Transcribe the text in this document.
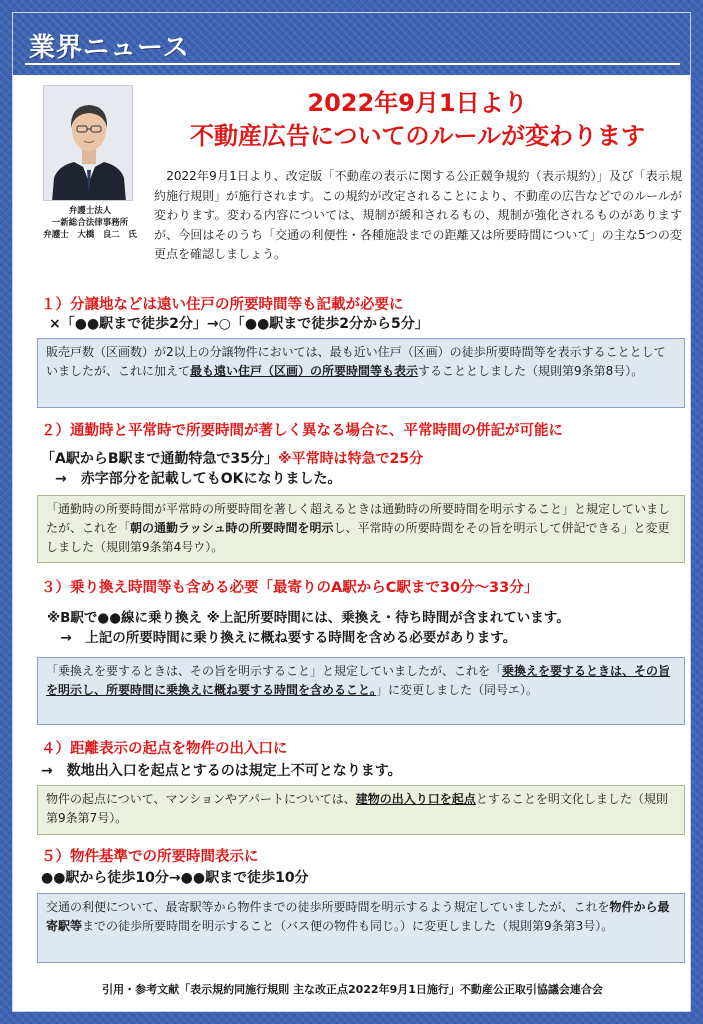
業界ニュース
弁護士法人
一新総合法律事務所
弁護士　大橋　良二　氏
2022年9月1日より
不動産広告についてのルールが変わります
　2022年9月1日より、改定版「不動産の表示に関する公正競争規約（表示規約）」及び「表示規約施行規則」が施行されます。この規約が改定されることにより、不動産の広告などでのルールが変わります。変わる内容については、規制が緩和されるもの、規制が強化されるものがありますが、今回はそのうち「交通の利便性・各種施設までの距離又は所要時間について」の主な5つの変更点を確認しましょう。
１）分譲地などは遠い住戸の所要時間等も記載が必要に
×「●●駅まで徒歩2分」→○「●●駅まで徒歩2分から5分」
販売戸数（区画数）が2以上の分譲物件においては、最も近い住戸（区画）の徒歩所要時間等を表示することとしていましたが、これに加えて最も遠い住戸（区画）の所要時間等も表示することとしました（規則第9条第8号）。
２）通勤時と平常時で所要時間が著しく異なる場合に、平常時間の併記が可能に
「A駅からB駅まで通勤特急で35分」※平常時は特急で25分
　→　赤字部分を記載してもOKになりました。
「通勤時の所要時間が平常時の所要時間を著しく超えるときは通勤時の所要時間を明示すること」と規定していましたが、これを「朝の通勤ラッシュ時の所要時間を明示し、平常時の所要時間をその旨を明示して併記できる」と変更しました（規則第9条第4号ウ）。
３）乗り換え時間等も含める必要「最寄りのA駅からC駅まで30分～33分」
※B駅で●●線に乗り換え ※上記所要時間には、乗換え・待ち時間が含まれています。
　→　上記の所要時間に乗り換えに概ね要する時間を含める必要があります。
「乗換えを要するときは、その旨を明示すること」と規定していましたが、これを「乗換えを要するときは、その旨を明示し、所要時間に乗換えに概ね要する時間を含めること。」に変更しました（同号エ）。
４）距離表示の起点を物件の出入口に
→　数地出入口を起点とするのは規定上不可となります。
物件の起点について、マンションやアパートについては、建物の出入り口を起点とすることを明文化しました（規則第9条第7号）。
５）物件基準での所要時間表示に
●●駅から徒歩10分→●●駅まで徒歩10分
交通の利便について、最寄駅等から物件までの徒歩所要時間を明示するよう規定していましたが、これを物件から最寄駅等までの徒歩所要時間を明示すること（バス便の物件も同じ。）に変更しました（規則第9条第3号）。
引用・参考文献「表示規約同施行規則 主な改正点2022年9月1日施行」不動産公正取引協議会連合会
